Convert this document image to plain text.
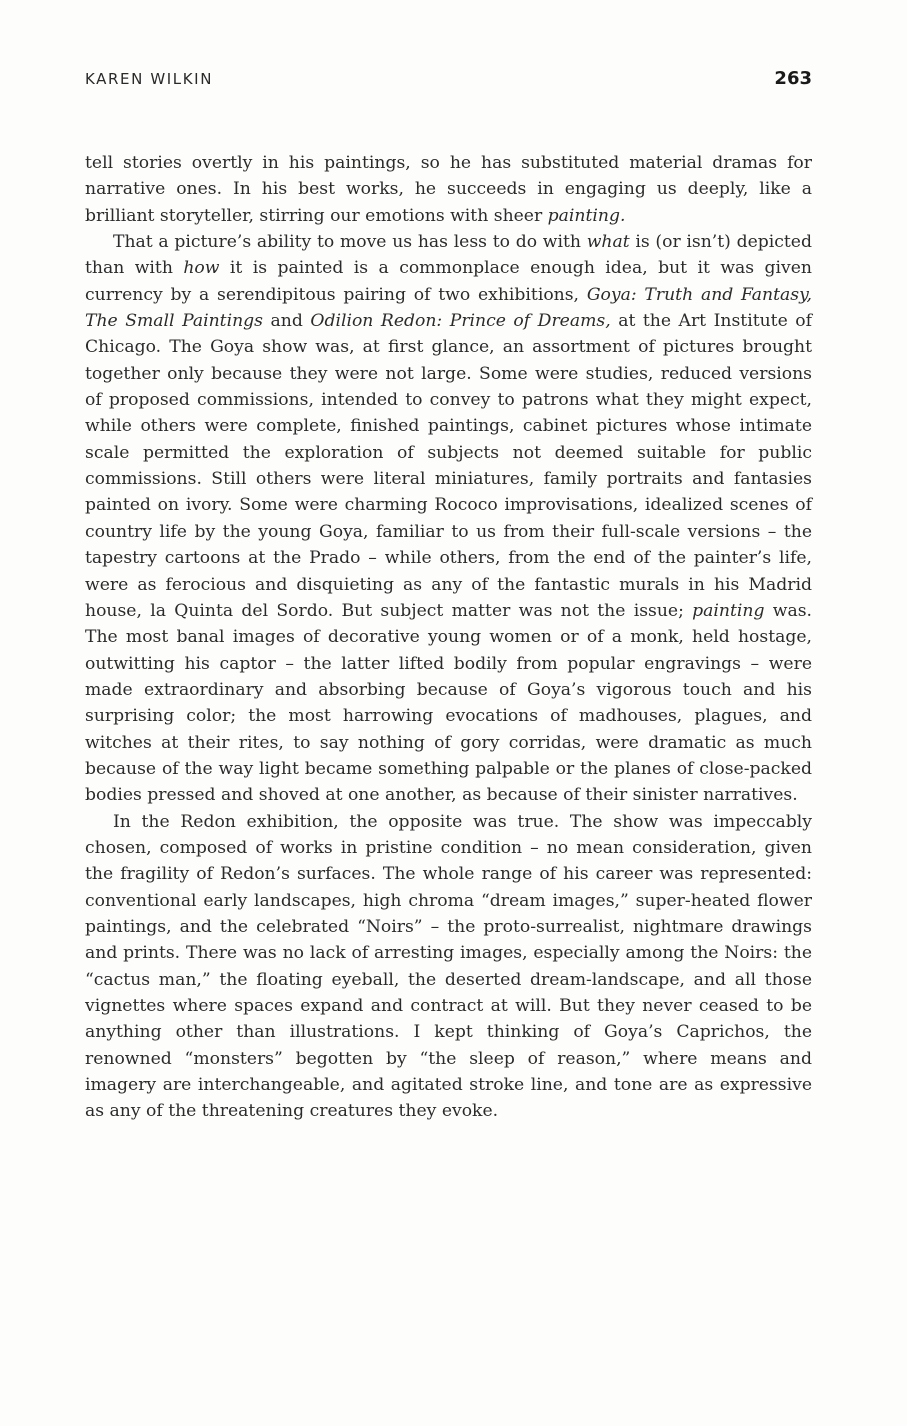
KAREN WILKIN	263

tell stories overtly in his paintings, so he has substituted material dramas for narrative ones. In his best works, he succeeds in engaging us deeply, like a brilliant storyteller, stirring our emotions with sheer painting.

That a picture’s ability to move us has less to do with what is (or isn’t) depicted than with how it is painted is a commonplace enough idea, but it was given currency by a serendipitous pairing of two exhibitions, Goya: Truth and Fantasy, The Small Paintings and Odilion Redon: Prince of Dreams, at the Art Institute of Chicago. The Goya show was, at first glance, an assortment of pictures brought together only because they were not large. Some were studies, reduced versions of proposed commissions, intended to convey to patrons what they might expect, while others were complete, finished paintings, cabinet pictures whose intimate scale permitted the exploration of subjects not deemed suitable for public commissions. Still others were literal miniatures, family portraits and fantasies painted on ivory. Some were charming Rococo improvisations, idealized scenes of country life by the young Goya, familiar to us from their full-scale versions – the tapestry cartoons at the Prado – while others, from the end of the painter’s life, were as ferocious and disquieting as any of the fantastic murals in his Madrid house, la Quinta del Sordo. But subject matter was not the issue; painting was. The most banal images of decorative young women or of a monk, held hostage, outwitting his captor – the latter lifted bodily from popular engravings – were made extraordinary and absorbing because of Goya’s vigorous touch and his surprising color; the most harrowing evocations of madhouses, plagues, and witches at their rites, to say nothing of gory corridas, were dramatic as much because of the way light became something palpable or the planes of close-packed bodies pressed and shoved at one another, as because of their sinister narratives.

In the Redon exhibition, the opposite was true. The show was impeccably chosen, composed of works in pristine condition – no mean consideration, given the fragility of Redon’s surfaces. The whole range of his career was represented: conventional early landscapes, high chroma “dream images,” super-heated flower paintings, and the celebrated “Noirs” – the proto-surrealist, nightmare drawings and prints. There was no lack of arresting images, especially among the Noirs: the “cactus man,” the floating eyeball, the deserted dream-landscape, and all those vignettes where spaces expand and contract at will. But they never ceased to be anything other than illustrations. I kept thinking of Goya’s Caprichos, the renowned “monsters” begotten by “the sleep of reason,” where means and imagery are interchangeable, and agitated stroke line, and tone are as expressive as any of the threatening creatures they evoke.
